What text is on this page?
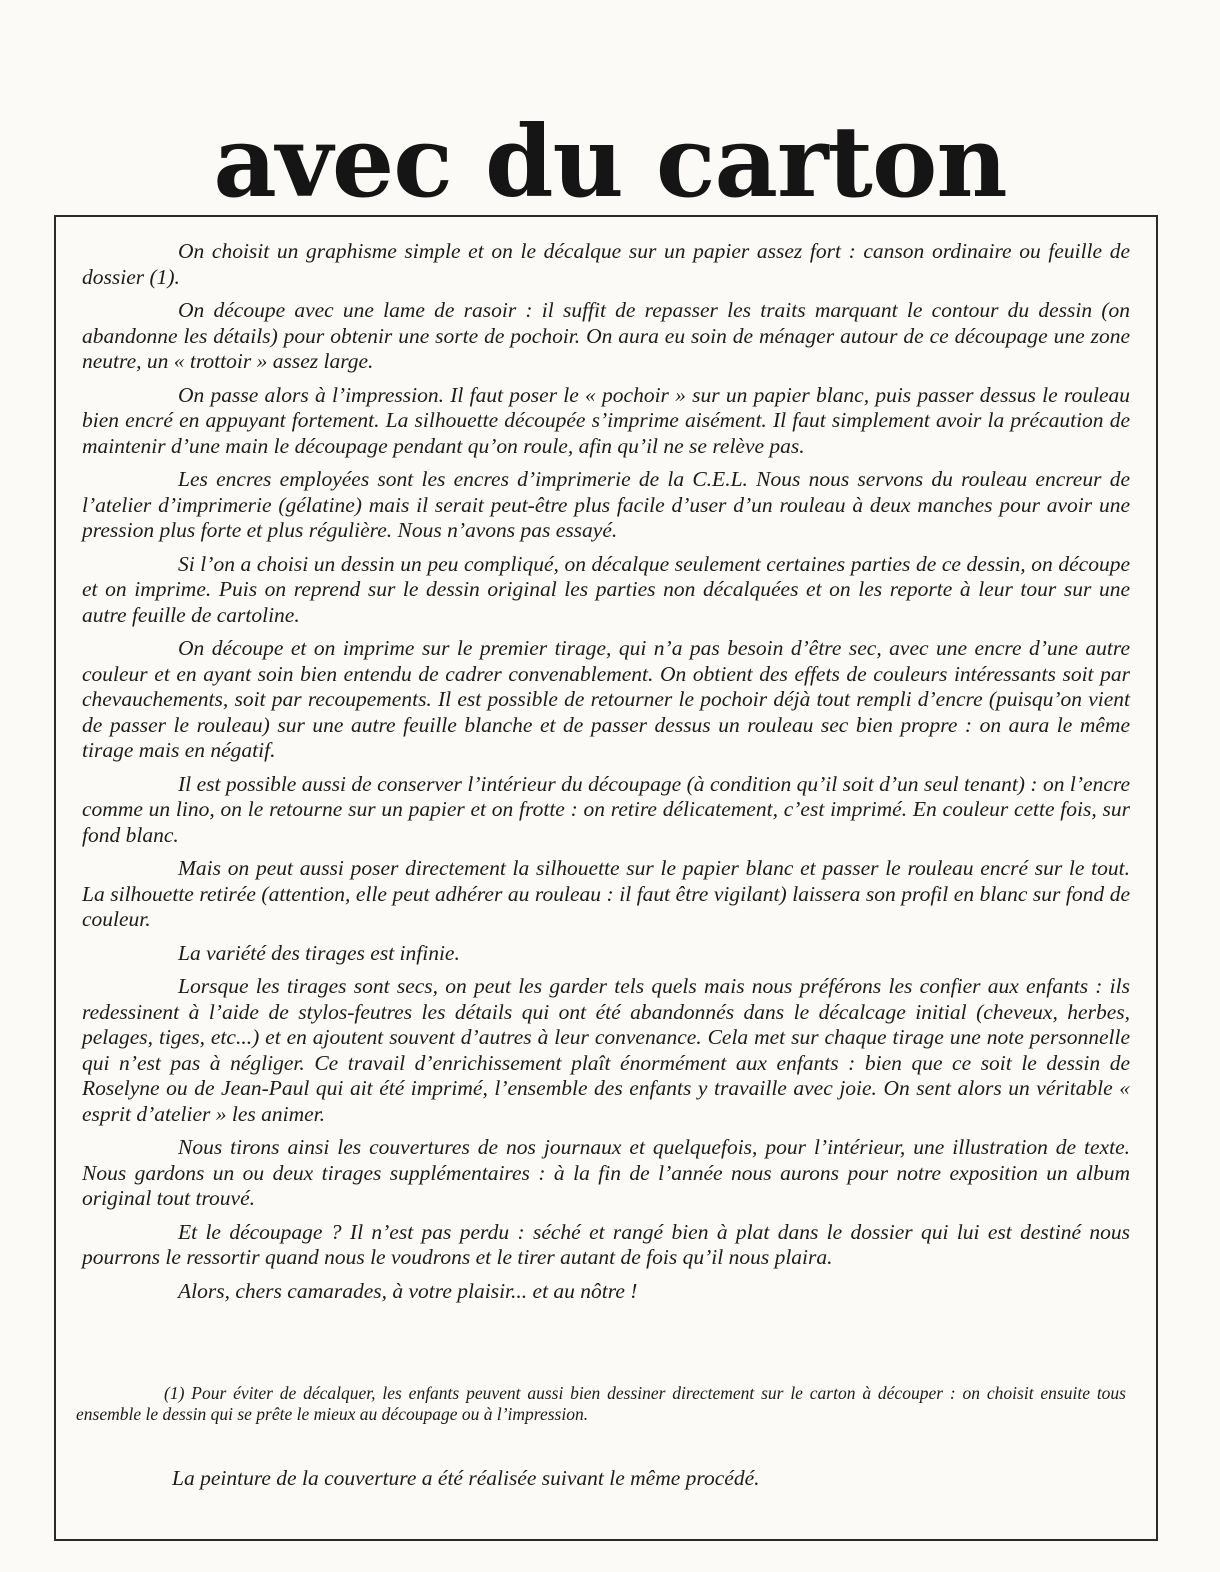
avec du carton

On choisit un graphisme simple et on le décalque sur un papier assez fort : canson ordinaire ou feuille de dossier (1).

On découpe avec une lame de rasoir : il suffit de repasser les traits marquant le contour du dessin (on abandonne les détails) pour obtenir une sorte de pochoir. On aura eu soin de ménager autour de ce découpage une zone neutre, un « trottoir » assez large.

On passe alors à l’impression. Il faut poser le « pochoir » sur un papier blanc, puis passer dessus le rouleau bien encré en appuyant fortement. La silhouette découpée s’imprime aisément. Il faut simplement avoir la précaution de maintenir d’une main le découpage pendant qu’on roule, afin qu’il ne se relève pas.

Les encres employées sont les encres d’imprimerie de la C.E.L. Nous nous servons du rouleau encreur de l’atelier d’imprimerie (gélatine) mais il serait peut-être plus facile d’user d’un rouleau à deux manches pour avoir une pression plus forte et plus régulière. Nous n’avons pas essayé.

Si l’on a choisi un dessin un peu compliqué, on décalque seulement certaines parties de ce dessin, on découpe et on imprime. Puis on reprend sur le dessin original les parties non décalquées et on les reporte à leur tour sur une autre feuille de cartoline.

On découpe et on imprime sur le premier tirage, qui n’a pas besoin d’être sec, avec une encre d’une autre couleur et en ayant soin bien entendu de cadrer convenablement. On obtient des effets de couleurs intéressants soit par chevauchements, soit par recoupements. Il est possible de retourner le pochoir déjà tout rempli d’encre (puisqu’on vient de passer le rouleau) sur une autre feuille blanche et de passer dessus un rouleau sec bien propre : on aura le même tirage mais en négatif.

Il est possible aussi de conserver l’intérieur du découpage (à condition qu’il soit d’un seul tenant) : on l’encre comme un lino, on le retourne sur un papier et on frotte : on retire délicatement, c’est imprimé. En couleur cette fois, sur fond blanc.

Mais on peut aussi poser directement la silhouette sur le papier blanc et passer le rouleau encré sur le tout. La silhouette retirée (attention, elle peut adhérer au rouleau : il faut être vigilant) laissera son profil en blanc sur fond de couleur.

La variété des tirages est infinie.

Lorsque les tirages sont secs, on peut les garder tels quels mais nous préférons les confier aux enfants : ils redessinent à l’aide de stylos-feutres les détails qui ont été abandonnés dans le décalcage initial (cheveux, herbes, pelages, tiges, etc...) et en ajoutent souvent d’autres à leur convenance. Cela met sur chaque tirage une note personnelle qui n’est pas à négliger. Ce travail d’enrichissement plaît énormément aux enfants : bien que ce soit le dessin de Roselyne ou de Jean-Paul qui ait été imprimé, l’ensemble des enfants y travaille avec joie. On sent alors un véritable « esprit d’atelier » les animer.

Nous tirons ainsi les couvertures de nos journaux et quelquefois, pour l’intérieur, une illustration de texte. Nous gardons un ou deux tirages supplémentaires : à la fin de l’année nous aurons pour notre exposition un album original tout trouvé.

Et le découpage ? Il n’est pas perdu : séché et rangé bien à plat dans le dossier qui lui est destiné nous pourrons le ressortir quand nous le voudrons et le tirer autant de fois qu’il nous plaira.

Alors, chers camarades, à votre plaisir... et au nôtre !

(1) Pour éviter de décalquer, les enfants peuvent aussi bien dessiner directement sur le carton à découper : on choisit ensuite tous ensemble le dessin qui se prête le mieux au découpage ou à l’impression.

La peinture de la couverture a été réalisée suivant le même procédé.
